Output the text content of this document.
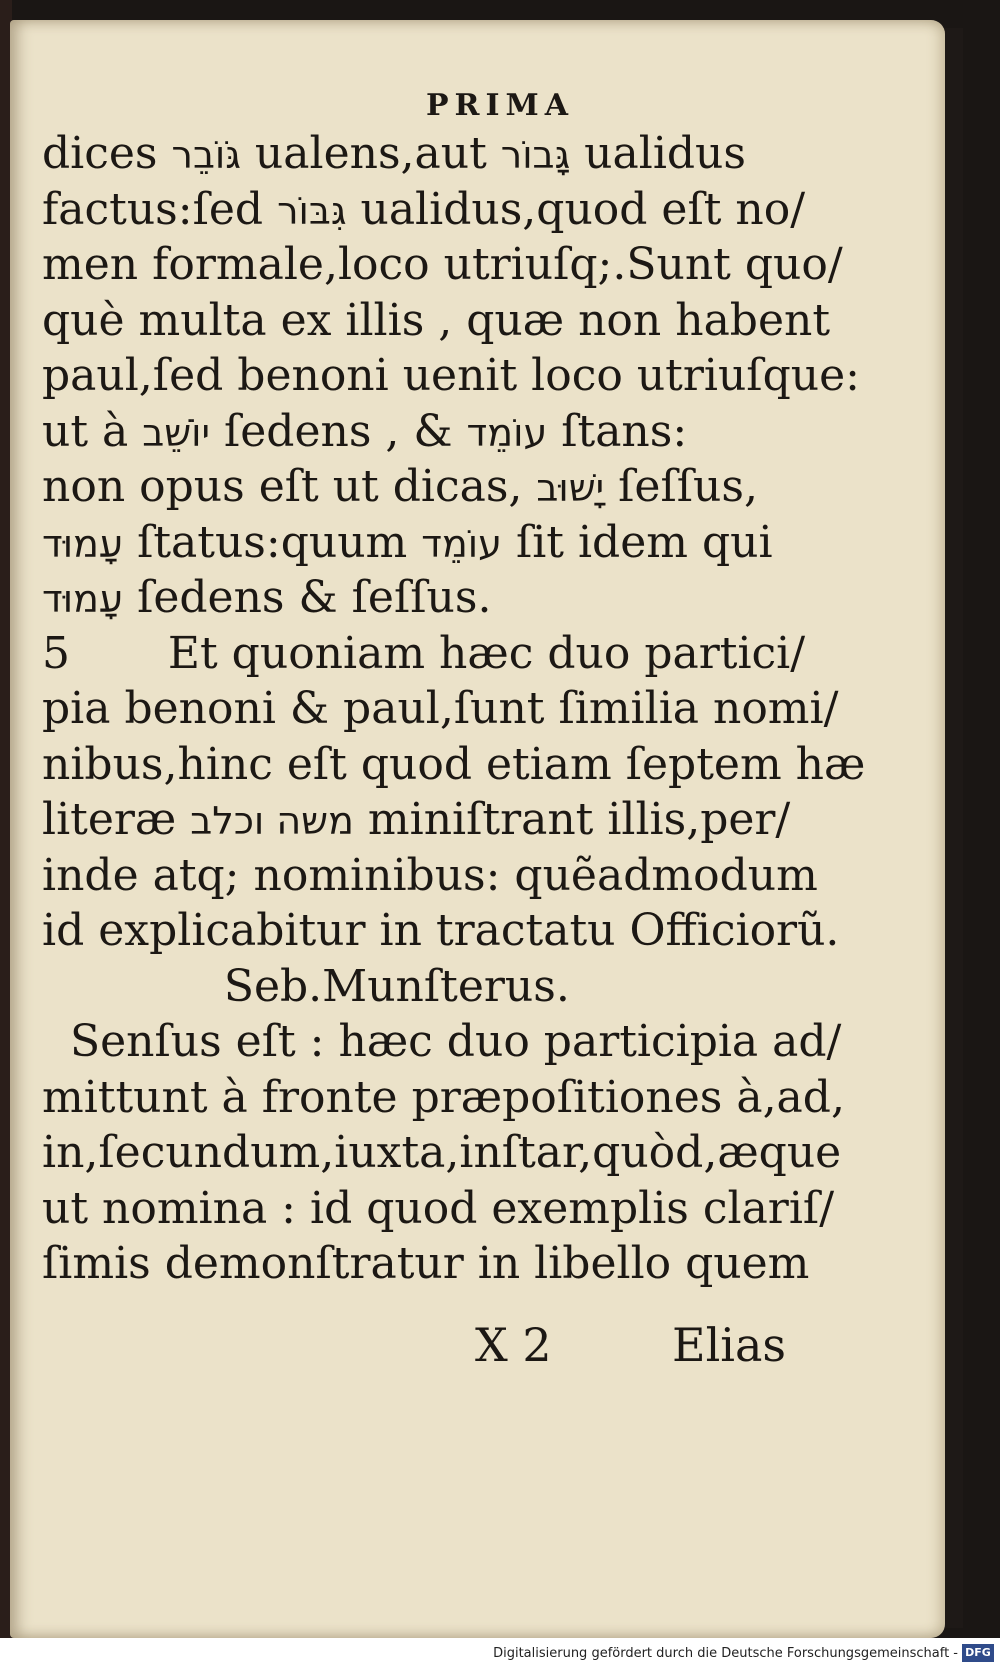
PRIMA
dices גֹּוֹבֵר ualens,aut גָּבוֹר ualidus
factus:ſed גִּבּוֹר ualidus,quod eſt no/
men formale,loco utriuſq;.Sunt quo/
què multa ex illis , quæ non habent
paul,ſed benoni uenit loco utriuſque:
ut à יוֹשֵׁב ſedens , & עוֹמֵד ſtans:
non opus eſt ut dicas, יָשׁוּב ſeſſus,
עָמוּד ſtatus:quum עוֹמֵד ſit idem qui
עָמוּד ſedens & ſeſſus.
5       Et quoniam hæc duo partici/
pia benoni & paul,ſunt ſimilia nomi/
nibus,hinc eſt quod etiam ſeptem hæ
literæ משה וכלב miniſtrant illis,per/
inde atq; nominibus: quẽadmodum
id explicabitur in tractatu Officiorũ.
Seb.Munſterus.
Senſus eſt : hæc duo participia ad/
mittunt à fronte præpoſitiones à,ad,
in,ſecundum,iuxta,inſtar,quòd,æque
ut nomina : id quod exemplis clariſ/
ſimis demonſtratur in libello quem
X 2	Elias
Digitalisierung gefördert durch die Deutsche Forschungsgemeinschaft - DFG
